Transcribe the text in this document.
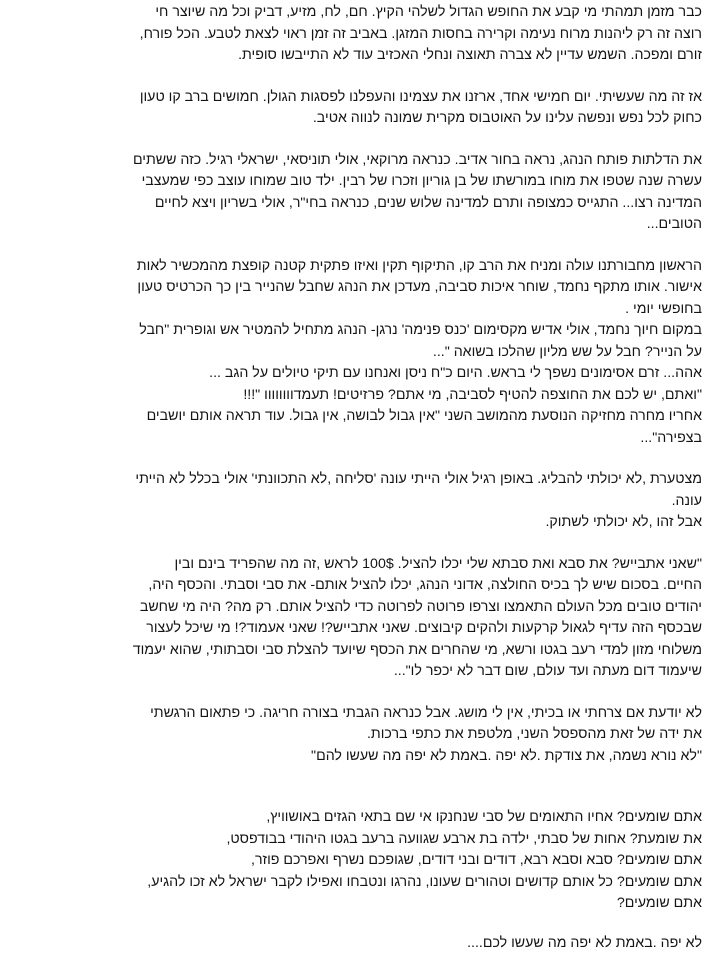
כבר מזמן תמהתי מי קבע את החופש הגדול לשלהי הקיץ. חם, לח, מזיע, דביק וכל מה שיוצר חי
רוצה זה רק ליהנות מרוח נעימה וקרירה בחסות המזגן. באביב זה זמן ראוי לצאת לטבע. הכל פורח,
זורם ומפכה. השמש עדיין לא צברה תאוצה ונחלי האכזיב עוד לא התייבשו סופית.
אז זה מה שעשיתי. יום חמישי אחד, ארזנו את עצמינו והעפלנו לפסגות הגולן. חמושים ברב קו טעון
כחוק לכל נפש ונפשה עלינו על האוטבוס מקרית שמונה לנווה אטיב.
את הדלתות פותח הנהג, נראה בחור אדיב. כנראה מרוקאי, אולי תוניסאי, ישראלי רגיל. כזה ששתים
עשרה שנה שטפו את מוחו במורשתו של בן גוריון וזכרו של רבין. ילד טוב שמוחו עוצב כפי שמעצבי
המדינה רצו... התגייס כמצופה ותרם למדינה שלוש שנים, כנראה בחי"ר, אולי בשריון ויצא לחיים
הטובים...
הראשון מחבורתנו עולה ומניח את הרב קו, התיקוף תקין ואיזו פתקית קטנה קופצת מהמכשיר לאות
אישור. אותו מתקף נחמד, שוחר איכות סביבה, מעדכן את הנהג שחבל שהנייר בין כך הכרטיס טעון
בחופשי יומי .
במקום חיוך נחמד, אולי אדיש מקסימום 'כנס פנימה' נרגן- הנהג מתחיל להמטיר אש וגופרית "חבל
על הנייר? חבל על שש מליון שהלכו בשואה "...
אהה... זרם אסימונים נשפך לי בראש. היום כ"ח ניסן ואנחנו עם תיקי טיולים על הגב ...
"ואתם, יש לכם את החוצפה להטיף לסביבה, מי אתם? פרזיטים! תעמדוווווווו "!!!
אחריו מחרה מחזיקה הנוסעת מהמושב השני "אין גבול לבושה, אין גבול. עוד תראה אותם יושבים
בצפירה"...
מצטערת ,לא יכולתי להבליג. באופן רגיל אולי הייתי עונה 'סליחה ,לא התכוונתי' אולי בכלל לא הייתי
עונה.
אבל זהו ,לא יכולתי לשתוק.
"שאני אתבייש? את סבא ואת סבתא שלי יכלו להציל. 100$ לראש ,זה מה שהפריד בינם ובין
החיים. בסכום שיש לך בכיס החולצה, אדוני הנהג, יכלו להציל אותם- את סבי וסבתי. והכסף היה,
יהודים טובים מכל העולם התאמצו וצרפו פרוטה לפרוטה כדי להציל אותם. רק מה? היה מי שחשב
שבכסף הזה עדיף לגאול קרקעות ולהקים קיבוצים. שאני אתבייש?! שאני אעמוד?! מי שיכל לעצור
משלוחי מזון למדי רעב בגטו ורשא, מי שהחרים את הכסף שיועד להצלת סבי וסבתותי, שהוא יעמוד
שיעמוד דום מעתה ועד עולם, שום דבר לא יכפר לו"...
לא יודעת אם צרחתי או בכיתי, אין לי מושג. אבל כנראה הגבתי בצורה חריגה. כי פתאום הרגשתי
את ידה של זאת מהספסל השני, מלטפת את כתפי ברכות.
"לא נורא נשמה, את צודקת .לא יפה .באמת לא יפה מה שעשו להם"
אתם שומעים? אחיו התאומים של סבי שנחנקו אי שם בתאי הגזים באושוויץ,
את שומעת? אחות של סבתי, ילדה בת ארבע שגוועה ברעב בגטו היהודי בבודפסט,
אתם שומעים? סבא וסבא רבא, דודים ובני דודים, שגופכם נשרף ואפרכם פוזר,
אתם שומעים? כל אותם קדושים וטהורים שעונו, נהרגו ונטבחו ואפילו לקבר ישראל לא זכו להגיע,
אתם שומעים?
לא יפה .באמת לא יפה מה שעשו לכם....
